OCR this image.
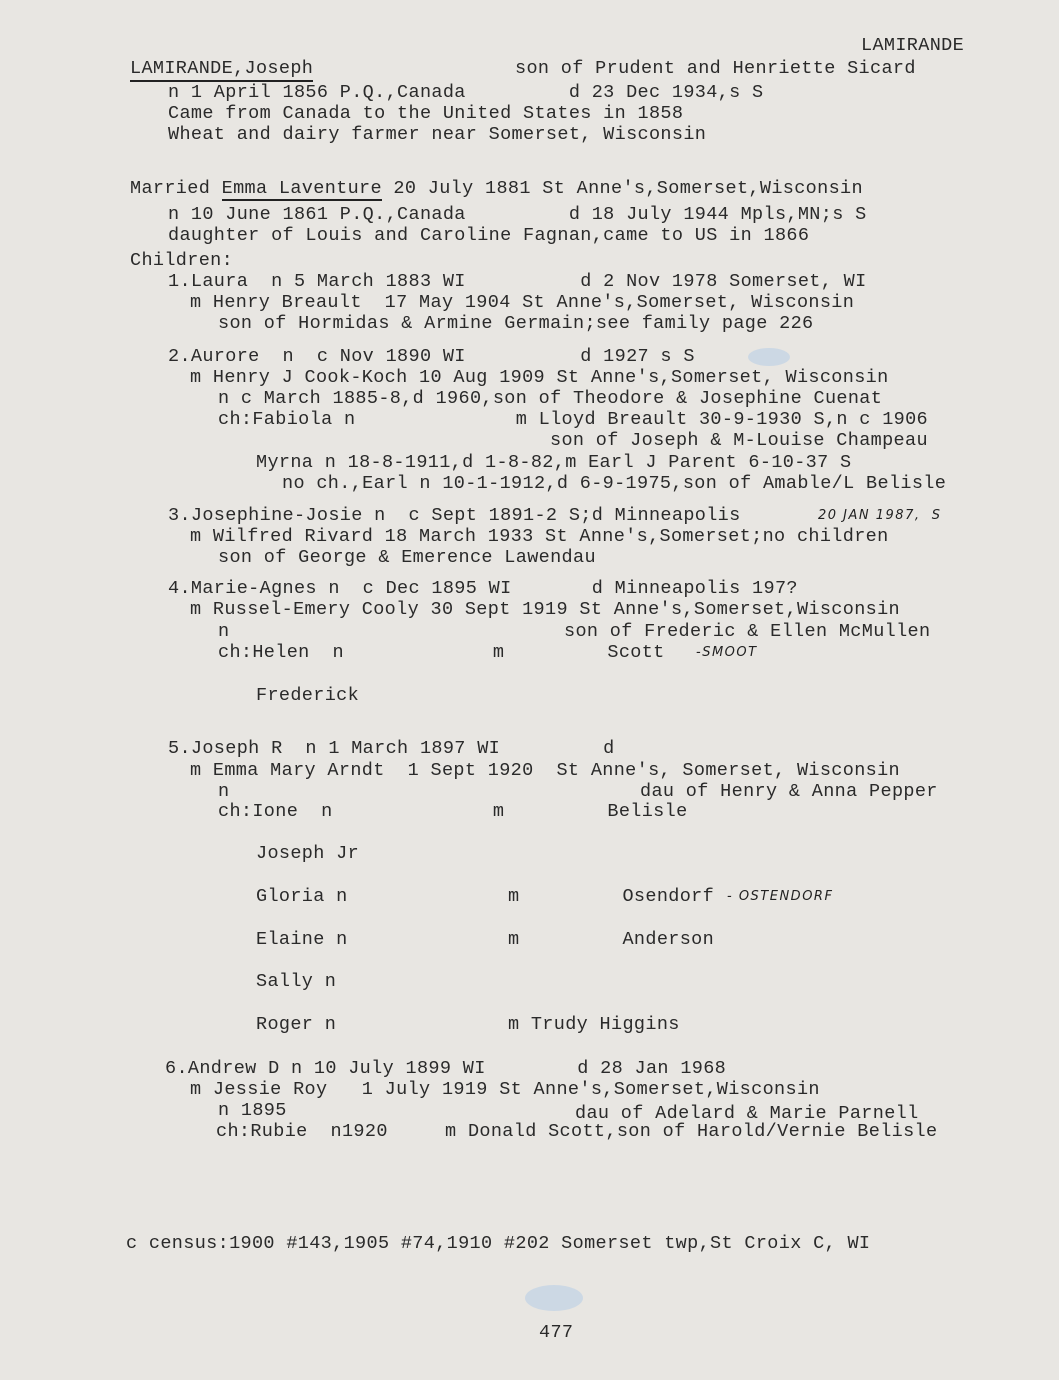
LAMIRANDE
LAMIRANDE,Joseph	son of Prudent and Henriette Sicard
n 1 April 1856 P.Q.,Canada         d 23 Dec 1934,s S
Came from Canada to the United States in 1858
Wheat and dairy farmer near Somerset, Wisconsin
Married Emma Laventure 20 July 1881 St Anne's,Somerset,Wisconsin
n 10 June 1861 P.Q.,Canada         d 18 July 1944 Mpls,MN;s S
daughter of Louis and Caroline Fagnan,came to US in 1866
Children:
1.Laura  n 5 March 1883 WI          d 2 Nov 1978 Somerset, WI
m Henry Breault  17 May 1904 St Anne's,Somerset, Wisconsin
son of Hormidas & Armine Germain;see family page 226
2.Aurore  n  c Nov 1890 WI          d 1927 s S
m Henry J Cook-Koch 10 Aug 1909 St Anne's,Somerset, Wisconsin
n c March 1885-8,d 1960,son of Theodore & Josephine Cuenat
ch:Fabiola n              m Lloyd Breault 30-9-1930 S,n c 1906
son of Joseph & M-Louise Champeau
Myrna n 18-8-1911,d 1-8-82,m Earl J Parent 6-10-37 S
no ch.,Earl n 10-1-1912,d 6-9-1975,son of Amable/L Belisle
3.Josephine-Josie n  c Sept 1891-2 S;d Minneapolis	20 JAN 1987,  S
m Wilfred Rivard 18 March 1933 St Anne's,Somerset;no children
son of George & Emerence Lawendau
4.Marie-Agnes n  c Dec 1895 WI       d Minneapolis 197?
m Russel-Emery Cooly 30 Sept 1919 St Anne's,Somerset,Wisconsin
n	son of Frederic & Ellen McMullen
ch:Helen  n             m         Scott -SMOOT
Frederick
5.Joseph R  n 1 March 1897 WI         d
m Emma Mary Arndt  1 Sept 1920  St Anne's, Somerset, Wisconsin
n	dau of Henry & Anna Pepper
ch:Ione  n              m         Belisle
Joseph Jr
Gloria n              m         Osendorf - OSTENDORF
Elaine n              m         Anderson
Sally n
Roger n               m Trudy Higgins
6.Andrew D n 10 July 1899 WI        d 28 Jan 1968
m Jessie Roy   1 July 1919 St Anne's,Somerset,Wisconsin
n 1895	dau of Adelard & Marie Parnell
ch:Rubie  n1920     m Donald Scott,son of Harold/Vernie Belisle
c census:1900 #143,1905 #74,1910 #202 Somerset twp,St Croix C, WI
477
